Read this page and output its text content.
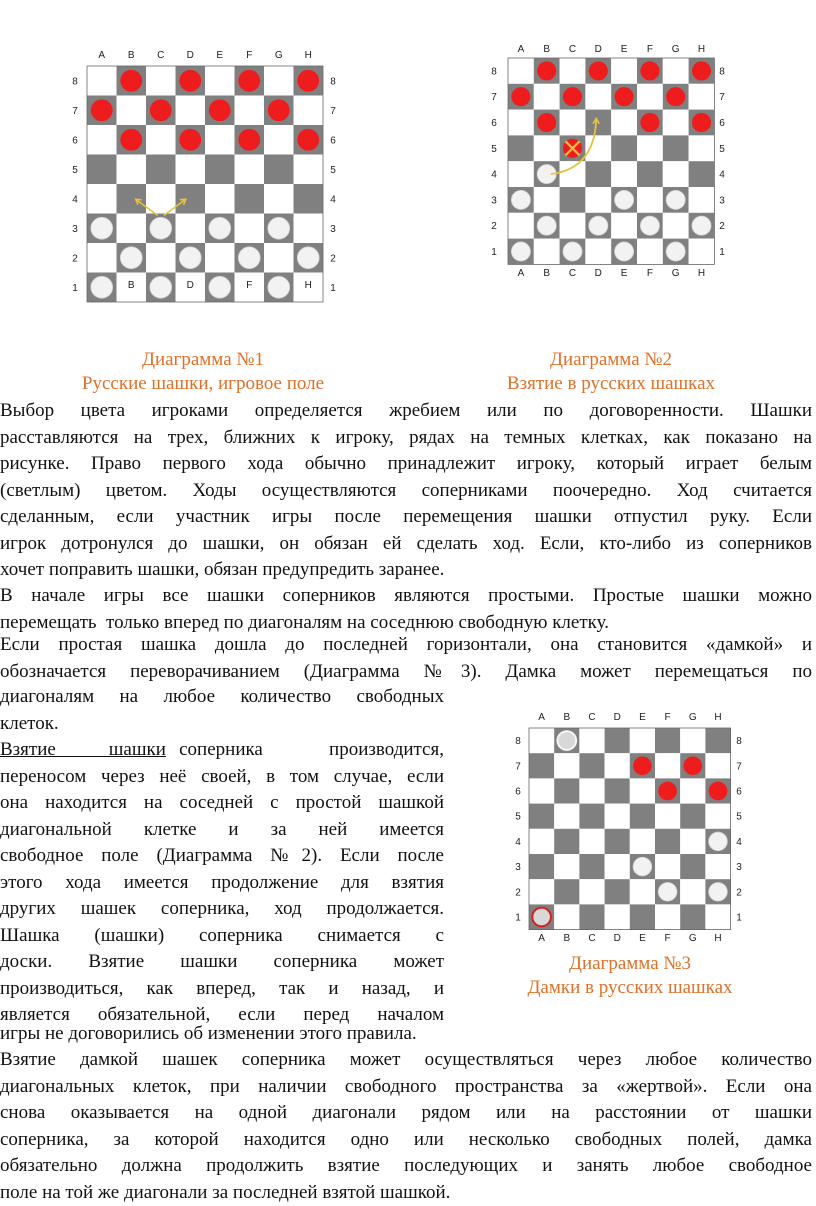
A B
B
C D
D
E F
F
G H
H
1	1
2	2
3	3
4	4
5	5
6	6
7	7
8	8
A
A
B
B
C
C
D
D
E
E
F
F
G
G
H
H
1	1
2	2
3	3
4	4
5	5
6	6
7	7
8	8
A
A
B
B
C
C
D
D
E
E
F
F
G
G
H
H
1	1
2	2
3	3
4	4
5	5
6	6
7	7
8	8
Диаграмма №1
Русские шашки, игровое поле
Диаграмма №2
Взятие в русских шашках
Диаграмма №3
Дамки в русских шашках
Выбор цвета игроками определяется жребием или по договоренности. Шашки
расставляются на трех, ближних к игроку, рядах на темных клетках, как показано на
рисунке. Право первого хода обычно принадлежит игроку, который играет белым
(светлым) цветом. Ходы осуществляются соперниками поочередно. Ход считается
сделанным, если участник игры после перемещения шашки отпустил руку. Если
игрок дотронулся до шашки, он обязан ей сделать ход. Если, кто-либо из соперников
хочет поправить шашки, обязан предупредить заранее.
В начале игры все шашки соперников являются простыми. Простые шашки можно
перемещать  только вперед по диагоналям на соседнюю свободную клетку.
Если простая шашка дошла до последней горизонтали, она становится «дамкой» и
обозначается переворачиванием (Диаграмма №3). Дамка может перемещаться по
диагоналям на любое количество свободных
клеток.
Взятие    шашки соперника     производится,
переносом через неё своей, в том случае, если
она находится на соседней с простой шашкой
диагональной клетке и за ней имеется
свободное поле (Диаграмма №2). Если после
этого хода имеется продолжение для взятия
других шашек соперника, ход продолжается.
Шашка (шашки) соперника снимается с
доски. Взятие шашки соперника может
производиться, как вперед, так и назад, и
является обязательной, если перед началом
игры не договорились об изменении этого правила.
Взятие дамкой шашек соперника может осуществляться через любое количество
диагональных клеток, при наличии свободного пространства за «жертвой». Если она
снова оказывается на одной диагонали рядом или на расстоянии от шашки
соперника, за которой находится одно или несколько свободных полей, дамка
обязательно должна продолжить взятие последующих и занять любое свободное
поле на той же диагонали за последней взятой шашкой.
